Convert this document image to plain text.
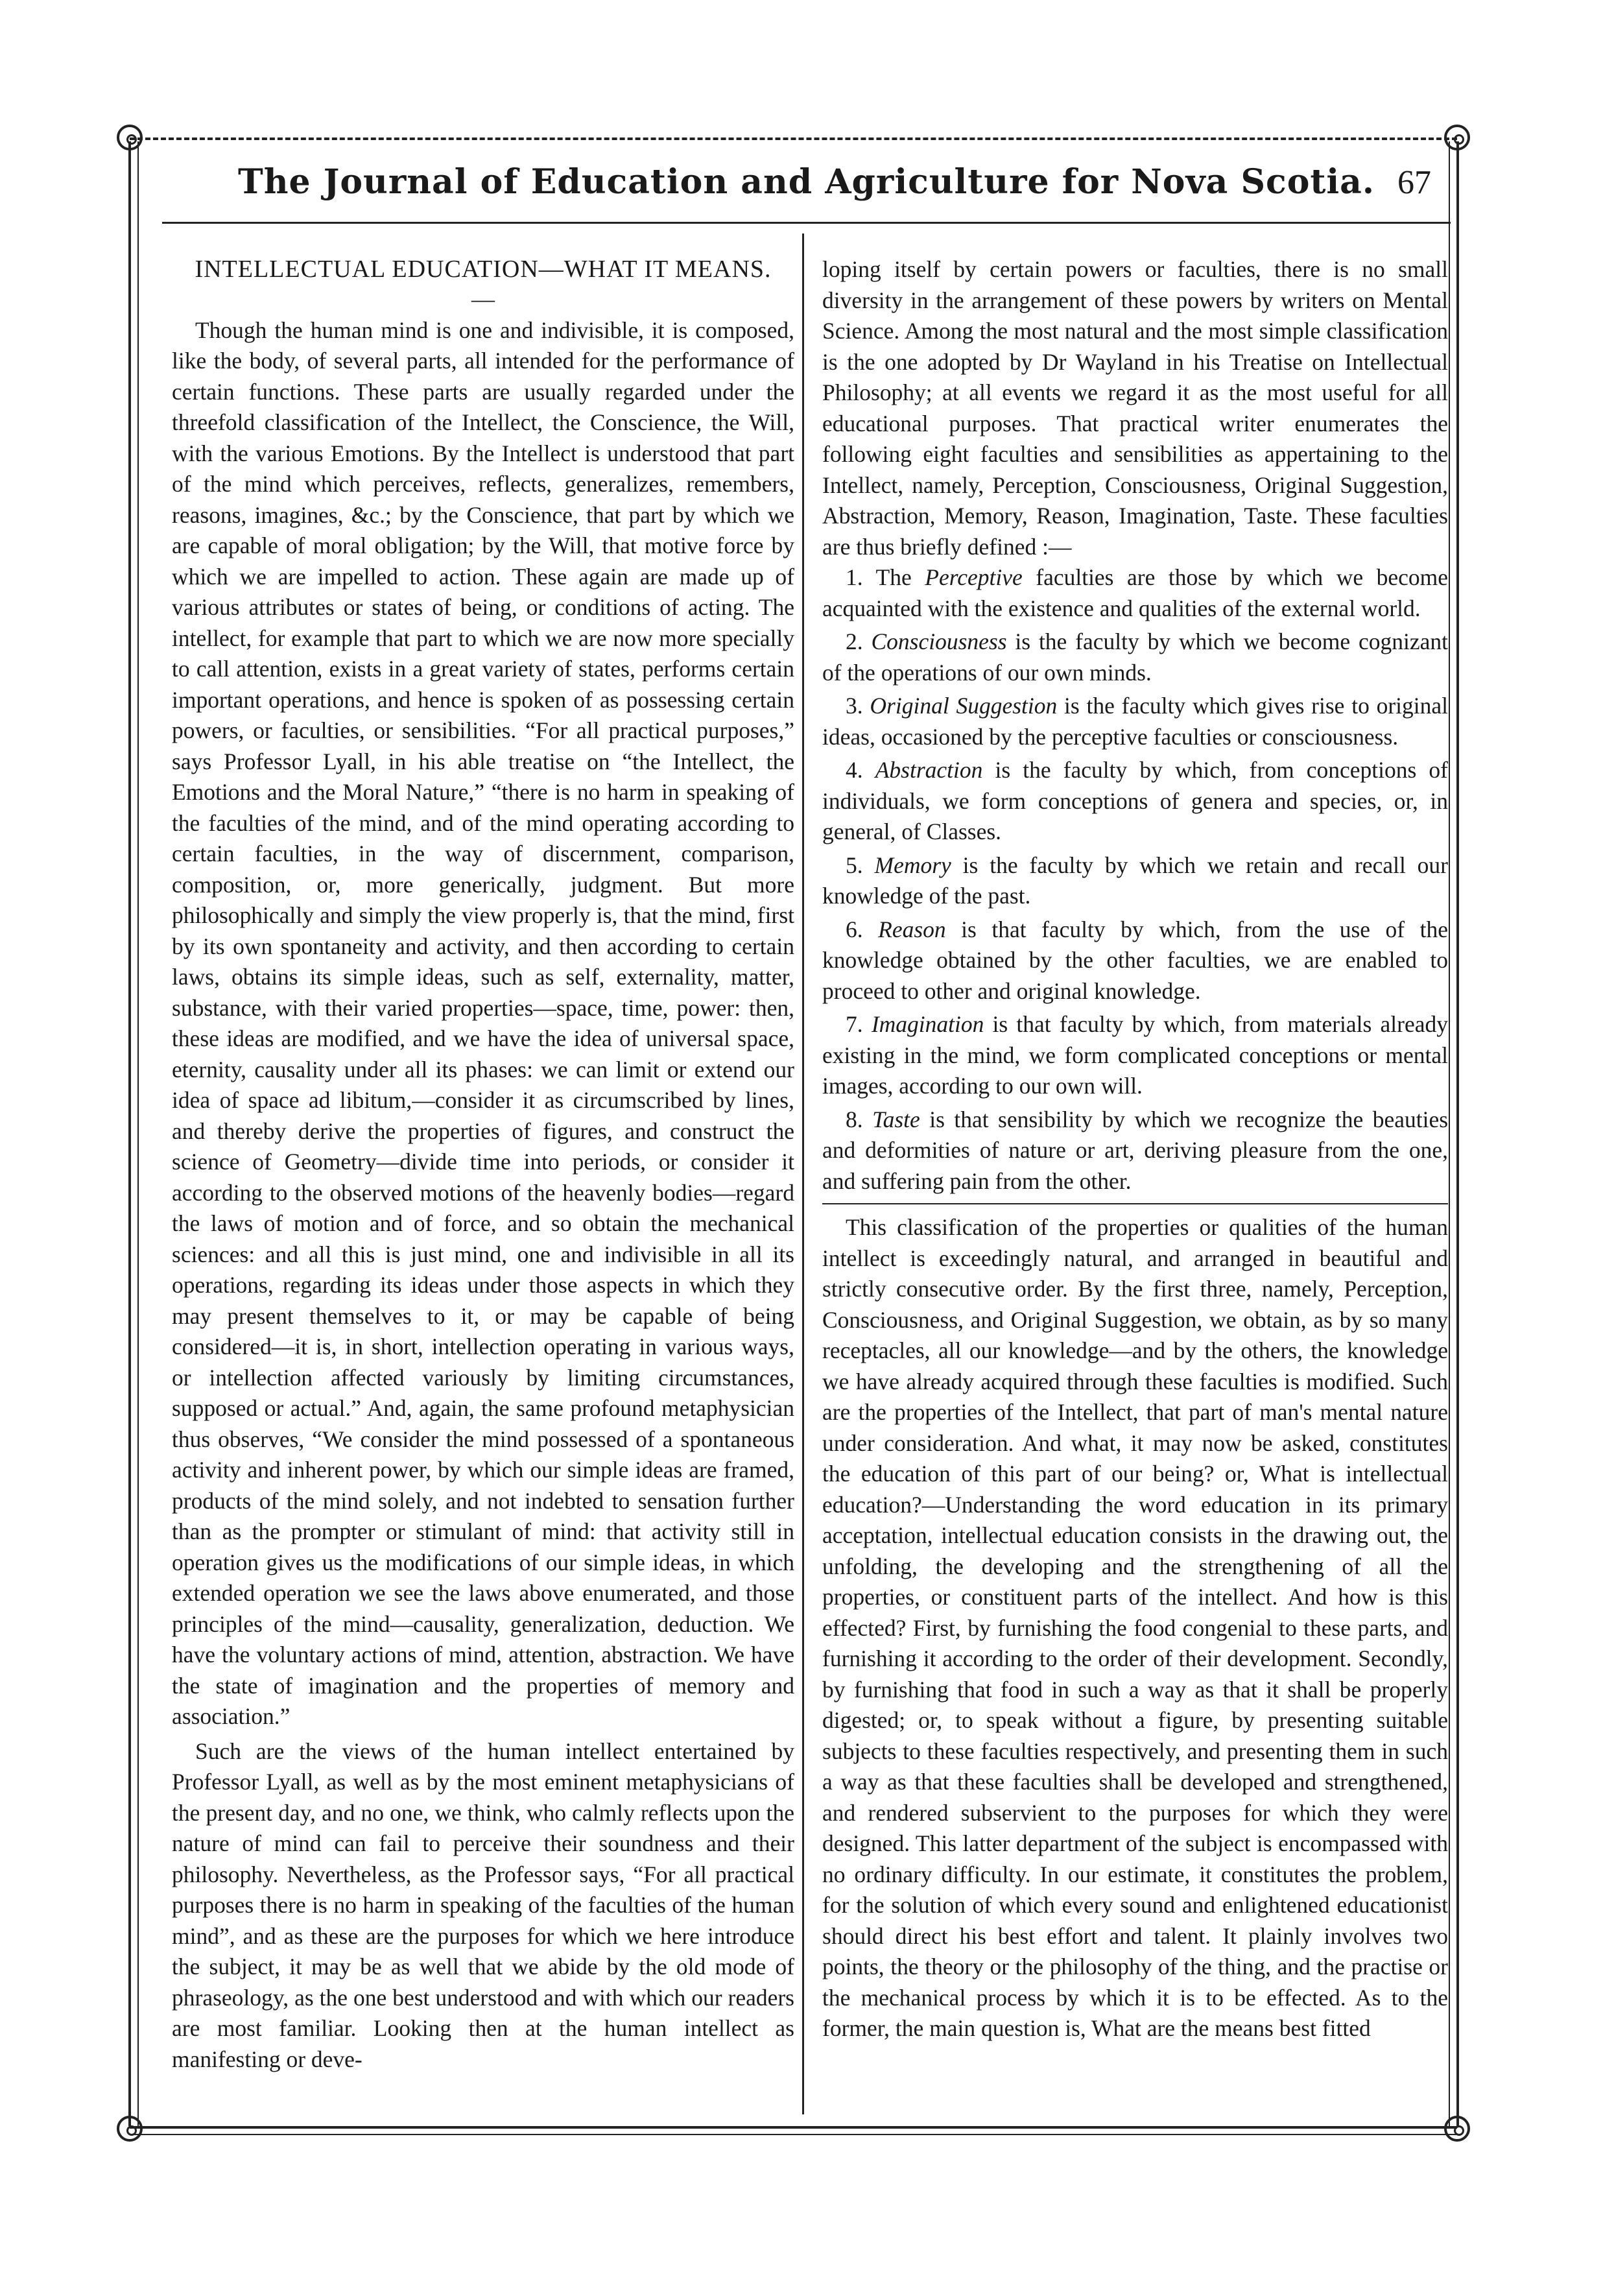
The Journal of Education and Agriculture for Nova Scotia. 67
INTELLECTUAL EDUCATION—WHAT IT MEANS.
—

Though the human mind is one and indivisible, it is composed, like the body, of several parts, all intended for the performance of certain functions. These parts are usually regarded under the threefold classification of the Intellect, the Conscience, the Will, with the various Emotions. By the Intellect is understood that part of the mind which perceives, reflects, generalizes, remembers, reasons, imagines, &c.; by the Conscience, that part by which we are capable of moral obligation; by the Will, that motive force by which we are impelled to action. These again are made up of various attributes or states of being, or conditions of acting. The intellect, for example that part to which we are now more specially to call attention, exists in a great variety of states, performs certain important operations, and hence is spoken of as possessing certain powers, or faculties, or sensibilities. “For all practical purposes,” says Professor Lyall, in his able treatise on “the Intellect, the Emotions and the Moral Nature,” “there is no harm in speaking of the faculties of the mind, and of the mind operating according to certain faculties, in the way of discernment, comparison, composition, or, more generically, judgment. But more philosophically and simply the view properly is, that the mind, first by its own spontaneity and activity, and then according to certain laws, obtains its simple ideas, such as self, externality, matter, substance, with their varied properties—space, time, power: then, these ideas are modified, and we have the idea of universal space, eternity, causality under all its phases: we can limit or extend our idea of space ad libitum,—consider it as circumscribed by lines, and thereby derive the properties of figures, and construct the science of Geometry—divide time into periods, or consider it according to the observed motions of the heavenly bodies—regard the laws of motion and of force, and so obtain the mechanical sciences: and all this is just mind, one and indivisible in all its operations, regarding its ideas under those aspects in which they may present themselves to it, or may be capable of being considered—it is, in short, intellection operating in various ways, or intellection affected variously by limiting circumstances, supposed or actual.” And, again, the same profound metaphysician thus observes, “We consider the mind possessed of a spontaneous activity and inherent power, by which our simple ideas are framed, products of the mind solely, and not indebted to sensation further than as the prompter or stimulant of mind: that activity still in operation gives us the modifications of our simple ideas, in which extended operation we see the laws above enumerated, and those principles of the mind—causality, generalization, deduction. We have the voluntary actions of mind, attention, abstraction. We have the state of imagination and the properties of memory and association.”

Such are the views of the human intellect entertained by Professor Lyall, as well as by the most eminent metaphysicians of the present day, and no one, we think, who calmly reflects upon the nature of mind can fail to perceive their soundness and their philosophy. Nevertheless, as the Professor says, “For all practical purposes there is no harm in speaking of the faculties of the human mind”, and as these are the purposes for which we here introduce the subject, it may be as well that we abide by the old mode of phraseology, as the one best understood and with which our readers are most familiar. Looking then at the human intellect as manifesting or deve-

loping itself by certain powers or faculties, there is no small diversity in the arrangement of these powers by writers on Mental Science. Among the most natural and the most simple classification is the one adopted by Dr Wayland in his Treatise on Intellectual Philosophy; at all events we regard it as the most useful for all educational purposes. That practical writer enumerates the following eight faculties and sensibilities as appertaining to the Intellect, namely, Perception, Consciousness, Original Suggestion, Abstraction, Memory, Reason, Imagination, Taste. These faculties are thus briefly defined :—

1. The Perceptive faculties are those by which we become acquainted with the existence and qualities of the external world.
2. Consciousness is the faculty by which we become cognizant of the operations of our own minds.
3. Original Suggestion is the faculty which gives rise to original ideas, occasioned by the perceptive faculties or consciousness.
4. Abstraction is the faculty by which, from conceptions of individuals, we form conceptions of genera and species, or, in general, of Classes.
5. Memory is the faculty by which we retain and recall our knowledge of the past.
6. Reason is that faculty by which, from the use of the knowledge obtained by the other faculties, we are enabled to proceed to other and original knowledge.
7. Imagination is that faculty by which, from materials already existing in the mind, we form complicated conceptions or mental images, according to our own will.
8. Taste is that sensibility by which we recognize the beauties and deformities of nature or art, deriving pleasure from the one, and suffering pain from the other.

This classification of the properties or qualities of the human intellect is exceedingly natural, and arranged in beautiful and strictly consecutive order. By the first three, namely, Perception, Consciousness, and Original Suggestion, we obtain, as by so many receptacles, all our knowledge—and by the others, the knowledge we have already acquired through these faculties is modified. Such are the properties of the Intellect, that part of man's mental nature under consideration. And what, it may now be asked, constitutes the education of this part of our being? or, What is intellectual education?—Understanding the word education in its primary acceptation, intellectual education consists in the drawing out, the unfolding, the developing and the strengthening of all the properties, or constituent parts of the intellect. And how is this effected? First, by furnishing the food congenial to these parts, and furnishing it according to the order of their development. Secondly, by furnishing that food in such a way as that it shall be properly digested; or, to speak without a figure, by presenting suitable subjects to these faculties respectively, and presenting them in such a way as that these faculties shall be developed and strengthened, and rendered subservient to the purposes for which they were designed. This latter department of the subject is encompassed with no ordinary difficulty. In our estimate, it constitutes the problem, for the solution of which every sound and enlightened educationist should direct his best effort and talent. It plainly involves two points, the theory or the philosophy of the thing, and the practise or the mechanical process by which it is to be effected. As to the former, the main question is, What are the means best fitted
